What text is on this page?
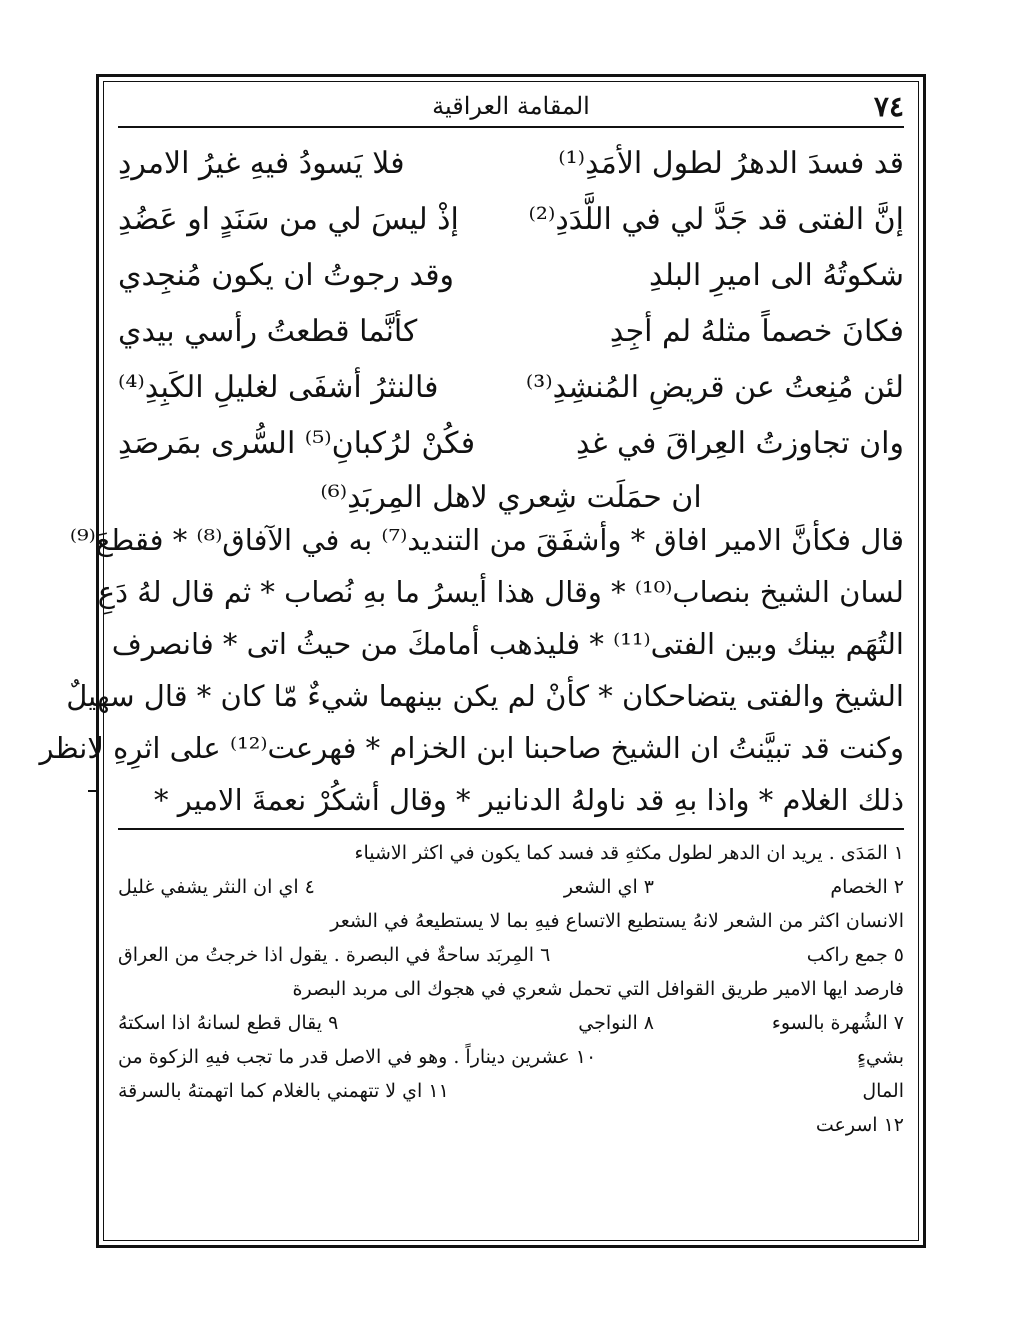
٧٤
المقامة العراقية
قد فسدَ الدهرُ لطول الأمَدِ⁽¹⁾
فلا يَسودُ فيهِ غيرُ الامردِ
إنَّ الفتى قد جَدَّ لي في اللَّدَدِ⁽²⁾
إذْ ليسَ لي من سَنَدٍ او عَضُدِ
شكوتُهُ الى اميرِ البلدِ
وقد رجوتُ ان يكون مُنجِدي
فكانَ خصماً مثلهُ لم أجِدِ
كأنَّما قطعتُ رأسي بيدي
لئن مُنِعتُ عن قريضِ المُنشِدِ⁽³⁾
فالنثرُ أشفَى لغليلِ الكَبِدِ⁽⁴⁾
وان تجاوزتُ العِراقَ في غدِ
فكُنْ لرُكبانِ⁽⁵⁾ السُّرى بمَرصَدِ
ان حمَلَت شِعري لاهل المِربَدِ⁽⁶⁾
قال فكأنَّ الامير افاق * وأشفَقَ من التنديد⁽⁷⁾ به في الآفاق⁽⁸⁾ * فقطعَ⁽⁹⁾
لسان الشيخ بنصاب⁽¹⁰⁾ * وقال هذا أيسرُ ما بهِ نُصاب * ثم قال لهُ دَعِ
التُهَم بينك وبين الفتى⁽¹¹⁾ * فليذهب أمامكَ من حيثُ اتى * فانصرف
الشيخ والفتى يتضاحكان * كأنْ لم يكن بينهما شيءٌ مّا كان * قال سهيلٌ
وكنت قد تبيَّنتُ ان الشيخ صاحبنا ابن الخزام * فهرعت⁽¹²⁾ على اثرِهِ لانظر
ذلك الغلام * واذا بهِ قد ناولهُ الدنانير * وقال أشكُرْ نعمةَ الامير *
١ المَدَى . يريد ان الدهر لطول مكثهِ قد فسد كما يكون في اكثر الاشياء
٢ الخصام
٣ اي الشعر
٤ اي ان النثر يشفي غليل
الانسان اكثر من الشعر لانهُ يستطيع الاتساع فيهِ بما لا يستطيعهُ في الشعر
٥ جمع راكب
٦ المِربَد ساحةٌ في البصرة . يقول اذا خرجتُ من العراق
فارصد ايها الامير طريق القوافل التي تحمل شعري في هجوك الى مربد البصرة
٧ الشُهرة بالسوء
٨ النواجي
٩ يقال قطع لسانهُ اذا اسكتهُ
بشيءٍ
١٠ عشرين ديناراً . وهو في الاصل قدر ما تجب فيهِ الزكوة من
المال
١١ اي لا تتهمني بالغلام كما اتهمتهُ بالسرقة
١٢ اسرعت
